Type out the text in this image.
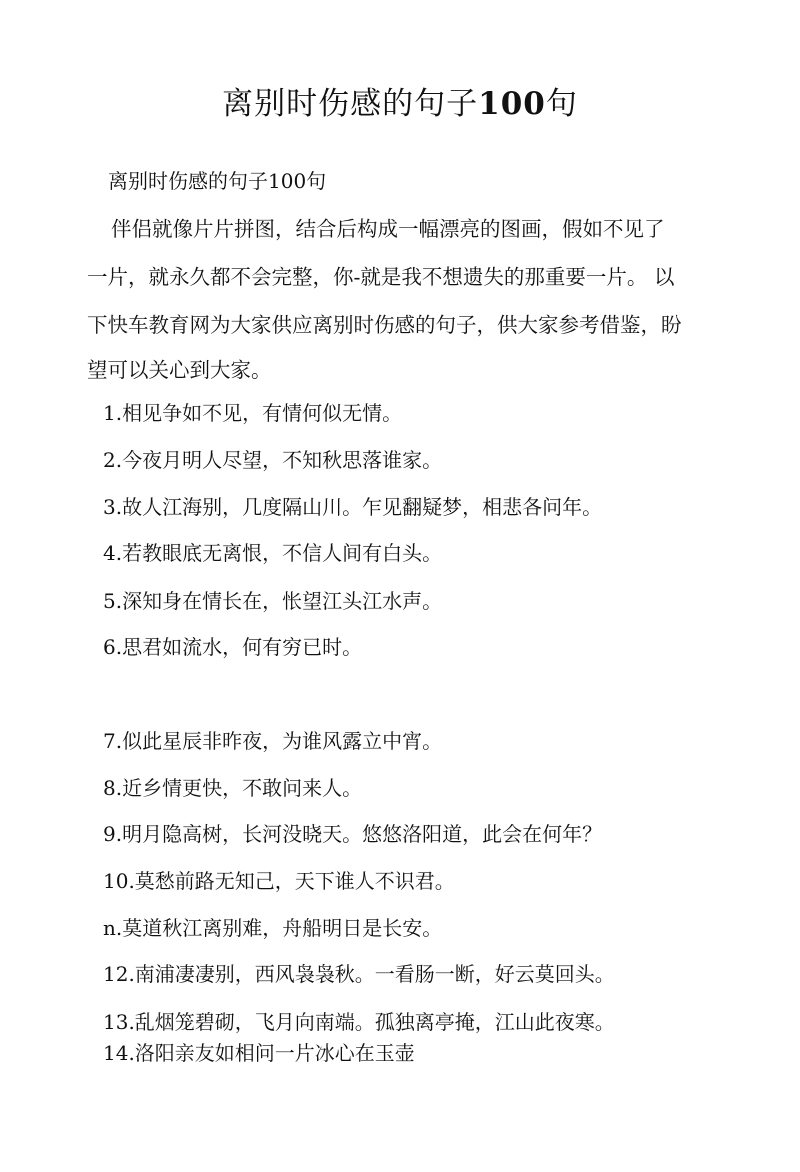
离别时伤感的句子100句
离别时伤感的句子100句
伴侣就像片片拼图，结合后构成一幅漂亮的图画，假如不见了
一片，就永久都不会完整，你-就是我不想遗失的那重要一片。 以
下快车教育网为大家供应离别时伤感的句子，供大家参考借鉴，盼
望可以关心到大家。
1.相见争如不见，有情何似无情。
2.今夜月明人尽望，不知秋思落谁家。
3.故人江海别，几度隔山川。乍见翻疑梦，相悲各问年。
4.若教眼底无离恨，不信人间有白头。
5.深知身在情长在，怅望江头江水声。
6.思君如流水，何有穷已时。
7.似此星辰非昨夜，为谁风露立中宵。
8.近乡情更快，不敢问来人。
9.明月隐高树，长河没晓天。悠悠洛阳道，此会在何年？
10.莫愁前路无知己，天下谁人不识君。
n.莫道秋江离别难，舟船明日是长安。
12.南浦凄凄别，西风袅袅秋。一看肠一断，好云莫回头。
13.乱烟笼碧砌，飞月向南端。孤独离亭掩，江山此夜寒。
14.洛阳亲友如相问一片冰心在玉壶
